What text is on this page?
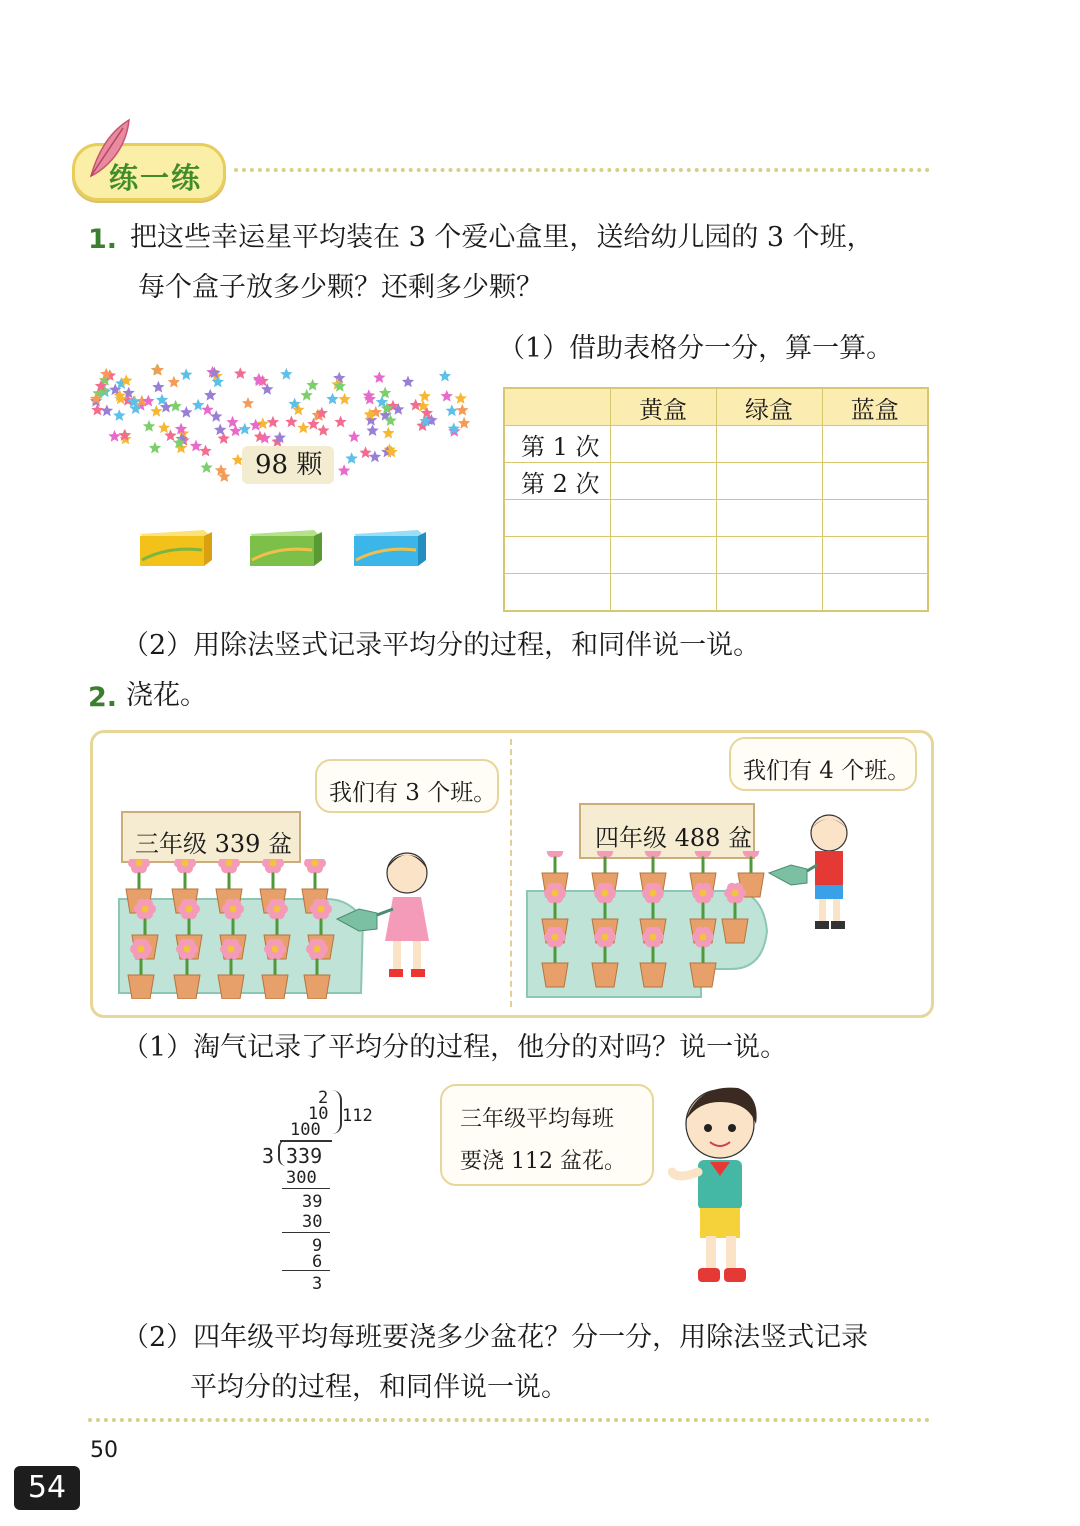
练一练
1. 把这些幸运星平均装在 3 个爱心盒里，送给幼儿园的 3 个班，
每个盒子放多少颗？还剩多少颗？
（1）借助表格分一分，算一算。
98 颗
	黄盒	绿盒	蓝盒
第 1 次			
第 2 次			

（2）用除法竖式记录平均分的过程，和同伴说一说。
2. 浇花。
我们有 3 个班。
三年级 339 盆
我们有 4 个班。
四年级 488 盆
（1）淘气记录了平均分的过程，他分的对吗？说一说。
2
10
100
112
3 339
300
39
30
9
6
3
三年级平均每班
要浇 112 盆花。
（2）四年级平均每班要浇多少盆花？分一分，用除法竖式记录
平均分的过程，和同伴说一说。
50
54
